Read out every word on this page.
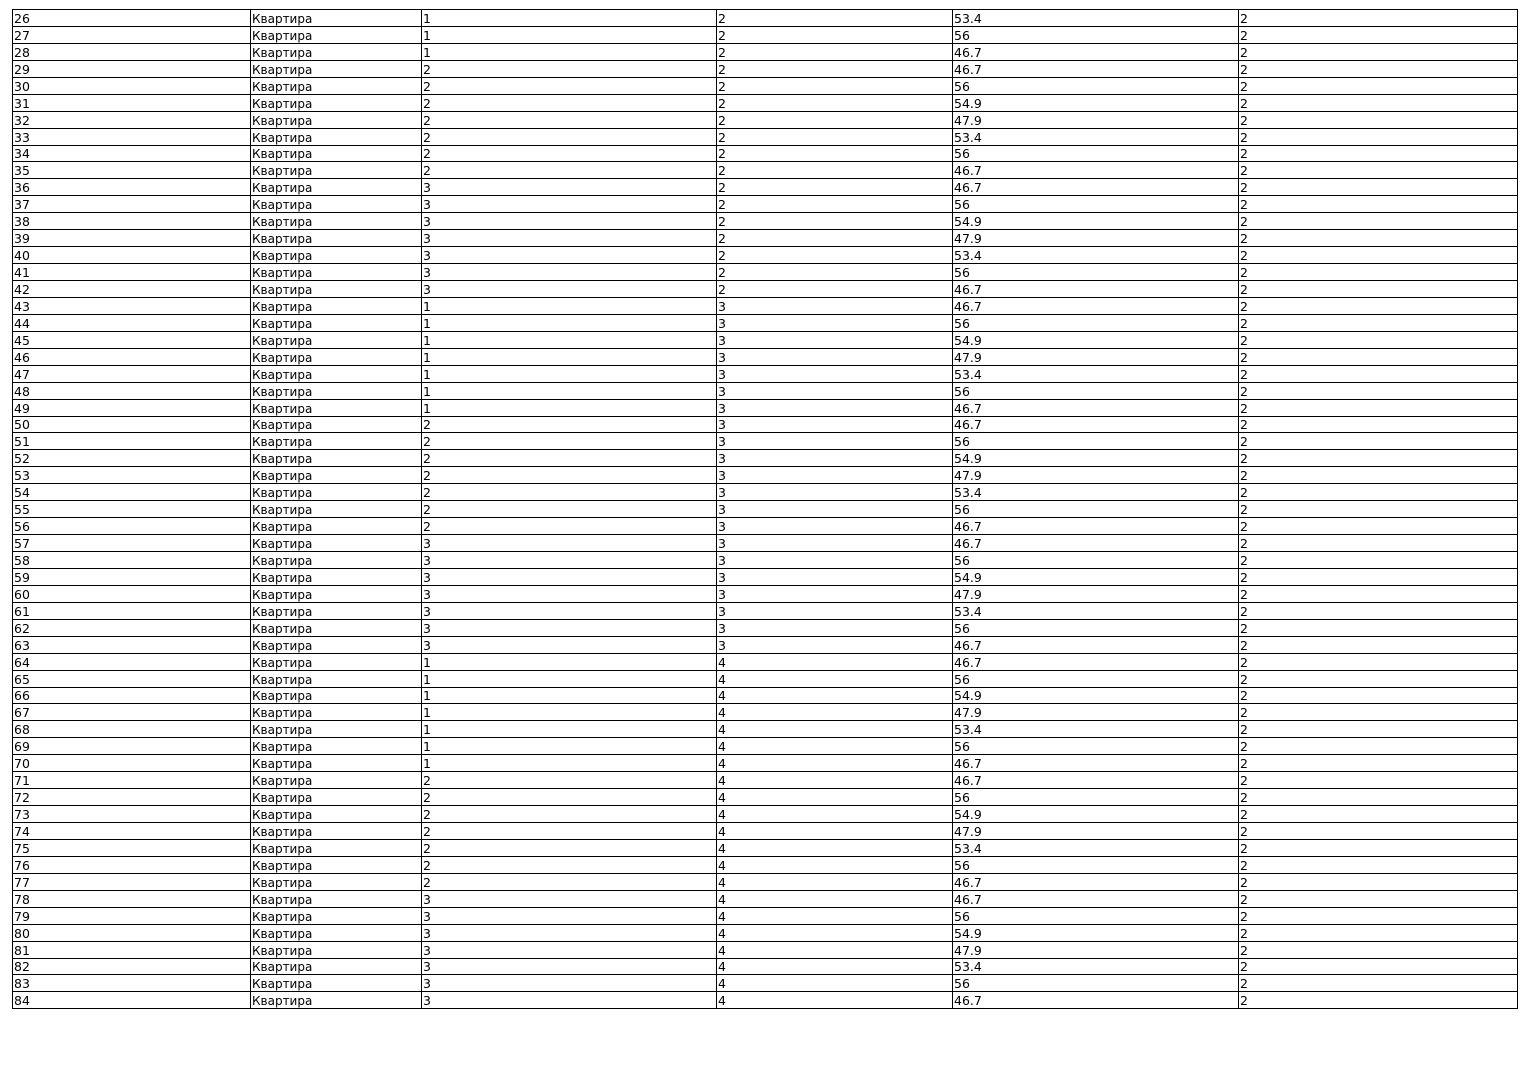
26	Квартира	1	2	53.4	2
27	Квартира	1	2	56	2
28	Квартира	1	2	46.7	2
29	Квартира	2	2	46.7	2
30	Квартира	2	2	56	2
31	Квартира	2	2	54.9	2
32	Квартира	2	2	47.9	2
33	Квартира	2	2	53.4	2
34	Квартира	2	2	56	2
35	Квартира	2	2	46.7	2
36	Квартира	3	2	46.7	2
37	Квартира	3	2	56	2
38	Квартира	3	2	54.9	2
39	Квартира	3	2	47.9	2
40	Квартира	3	2	53.4	2
41	Квартира	3	2	56	2
42	Квартира	3	2	46.7	2
43	Квартира	1	3	46.7	2
44	Квартира	1	3	56	2
45	Квартира	1	3	54.9	2
46	Квартира	1	3	47.9	2
47	Квартира	1	3	53.4	2
48	Квартира	1	3	56	2
49	Квартира	1	3	46.7	2
50	Квартира	2	3	46.7	2
51	Квартира	2	3	56	2
52	Квартира	2	3	54.9	2
53	Квартира	2	3	47.9	2
54	Квартира	2	3	53.4	2
55	Квартира	2	3	56	2
56	Квартира	2	3	46.7	2
57	Квартира	3	3	46.7	2
58	Квартира	3	3	56	2
59	Квартира	3	3	54.9	2
60	Квартира	3	3	47.9	2
61	Квартира	3	3	53.4	2
62	Квартира	3	3	56	2
63	Квартира	3	3	46.7	2
64	Квартира	1	4	46.7	2
65	Квартира	1	4	56	2
66	Квартира	1	4	54.9	2
67	Квартира	1	4	47.9	2
68	Квартира	1	4	53.4	2
69	Квартира	1	4	56	2
70	Квартира	1	4	46.7	2
71	Квартира	2	4	46.7	2
72	Квартира	2	4	56	2
73	Квартира	2	4	54.9	2
74	Квартира	2	4	47.9	2
75	Квартира	2	4	53.4	2
76	Квартира	2	4	56	2
77	Квартира	2	4	46.7	2
78	Квартира	3	4	46.7	2
79	Квартира	3	4	56	2
80	Квартира	3	4	54.9	2
81	Квартира	3	4	47.9	2
82	Квартира	3	4	53.4	2
83	Квартира	3	4	56	2
84	Квартира	3	4	46.7	2
